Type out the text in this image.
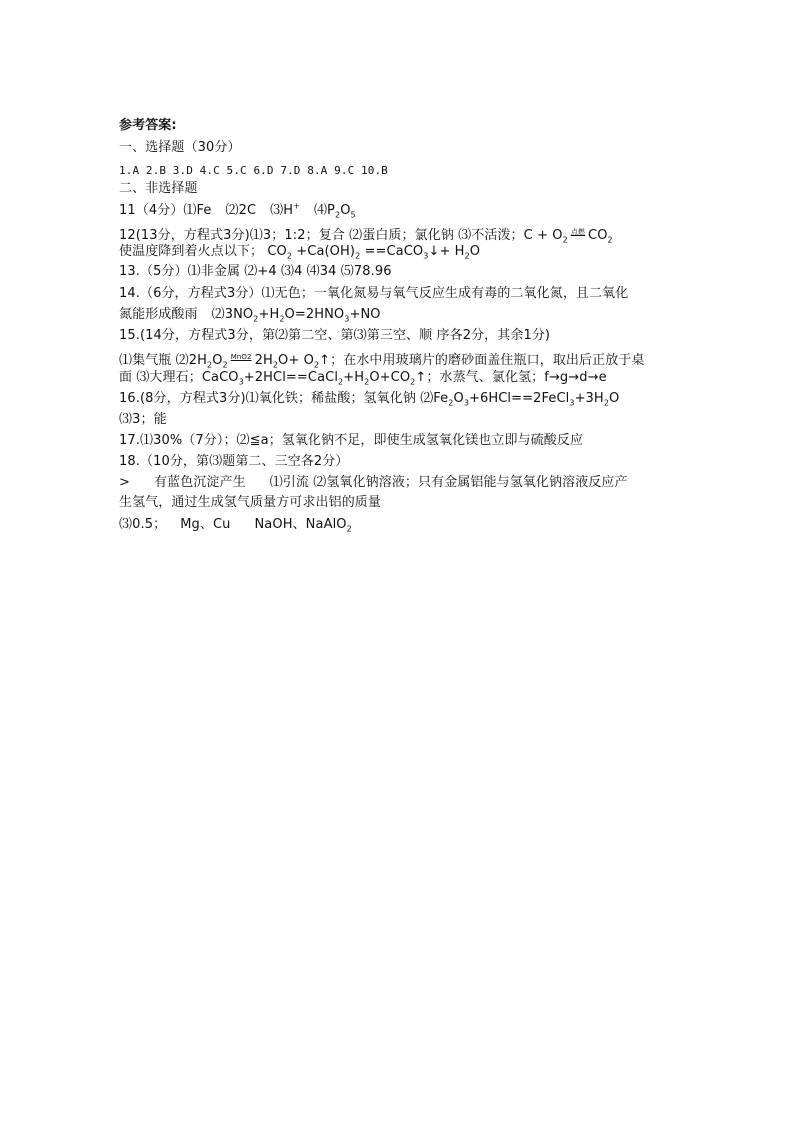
参考答案:
一、选择题（30分）
1.A 2.B 3.D 4.C 5.C 6.D 7.D 8.A 9.C 10.B
二、非选择题
11（4分）⑴Fe ⑵2C ⑶H+ $⑷P_2O_5$
12(13分，方程式3分)⑴3；1:2；复合 ⑵蛋白质；氯化钠 ⑶不活泼；$C + O_2$点燃 $CO_2$
使温度降到着火点以下； $CO_2 +Ca(OH)_2$ ==CaCO$_3$↓+ $H_2O$
13.（5分）⑴非金属 ⑵+4 ⑶4 ⑷34 ⑸78.96
14.（6分，方程式3分）⑴无色；一氧化氮易与氧气反应生成有毒的二氧化氮，且二氧化
氮能形成酸雨 $⑵3NO_2+H_2O=2HNO_3+NO$
15.(14分，方程式3分，第⑵第二空、第⑶第三空、顺 序各2分，其余1分)
⑴集气瓶 $⑵2H_2O_2MnO2$ $2H_2O+$ $O_2↑$；在水中用玻璃片的磨砂面盖住瓶口，取出后正放于桌
面 ⑶大理石；$CaCO_3+2HCl==CaCl_2+H_2O+CO_2↑$；水蒸气、氯化氢；f→g→d→e
16.(8分，方程式3分)⑴氧化铁；稀盐酸；氢氧化钠 $⑵Fe_2O_3+6HCl==2FeCl_3+3H_2O$
⑶3；能
17.⑴30%（7分）；⑵≦a；氢氧化钠不足，即使生成氢氧化镁也立即与硫酸反应
18.（10分，第⑶题第二、三空各2分）
> 有蓝色沉淀产生 ⑴引流 ⑵氢氧化钠溶液；只有金属铝能与氢氧化钠溶液反应产
生氢气，通过生成氢气质量方可求出铝的质量
⑶0.5； Mg、Cu NaOH、NaAlO$_2$
